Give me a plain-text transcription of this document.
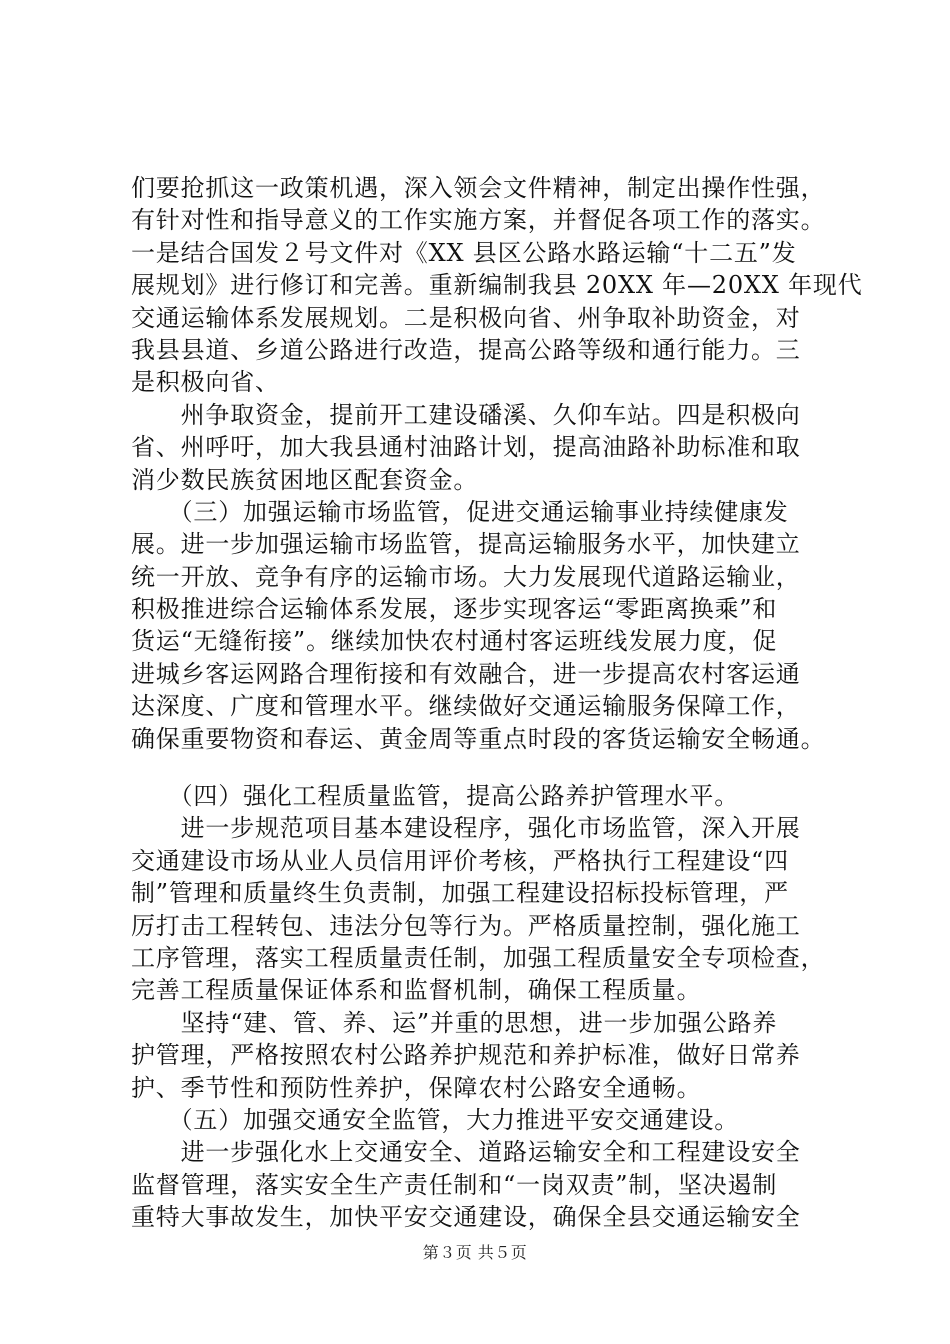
们要抢抓这一政策机遇，深入领会文件精神，制定出操作性强，
有针对性和指导意义的工作实施方案，并督促各项工作的落实。
一是结合国发２号文件对《XX 县区公路水路运输“十二五”发
展规划》进行修订和完善。重新编制我县 20XX 年—20XX 年现代
交通运输体系发展规划。二是积极向省、州争取补助资金，对
我县县道、乡道公路进行改造，提高公路等级和通行能力。三
是积极向省、
　　州争取资金，提前开工建设磻溪、久仰车站。四是积极向
省、州呼吁，加大我县通村油路计划，提高油路补助标准和取
消少数民族贫困地区配套资金。
　　（三）加强运输市场监管，促进交通运输事业持续健康发
展。进一步加强运输市场监管，提高运输服务水平，加快建立
统一开放、竞争有序的运输市场。大力发展现代道路运输业，
积极推进综合运输体系发展，逐步实现客运“零距离换乘”和
货运“无缝衔接”。继续加快农村通村客运班线发展力度，促
进城乡客运网路合理衔接和有效融合，进一步提高农村客运通
达深度、广度和管理水平。继续做好交通运输服务保障工作，
确保重要物资和春运、黄金周等重点时段的客货运输安全畅通。
　　（四）强化工程质量监管，提高公路养护管理水平。
　　进一步规范项目基本建设程序，强化市场监管，深入开展
交通建设市场从业人员信用评价考核，严格执行工程建设“四
制”管理和质量终生负责制，加强工程建设招标投标管理，严
厉打击工程转包、违法分包等行为。严格质量控制，强化施工
工序管理，落实工程质量责任制，加强工程质量安全专项检查，
完善工程质量保证体系和监督机制，确保工程质量。
　　坚持“建、管、养、运”并重的思想，进一步加强公路养
护管理，严格按照农村公路养护规范和养护标准，做好日常养
护、季节性和预防性养护，保障农村公路安全通畅。
　　（五）加强交通安全监管，大力推进平安交通建设。
　　进一步强化水上交通安全、道路运输安全和工程建设安全
监督管理，落实安全生产责任制和“一岗双责”制，坚决遏制
重特大事故发生，加快平安交通建设，确保全县交通运输安全
第３页 共５页
